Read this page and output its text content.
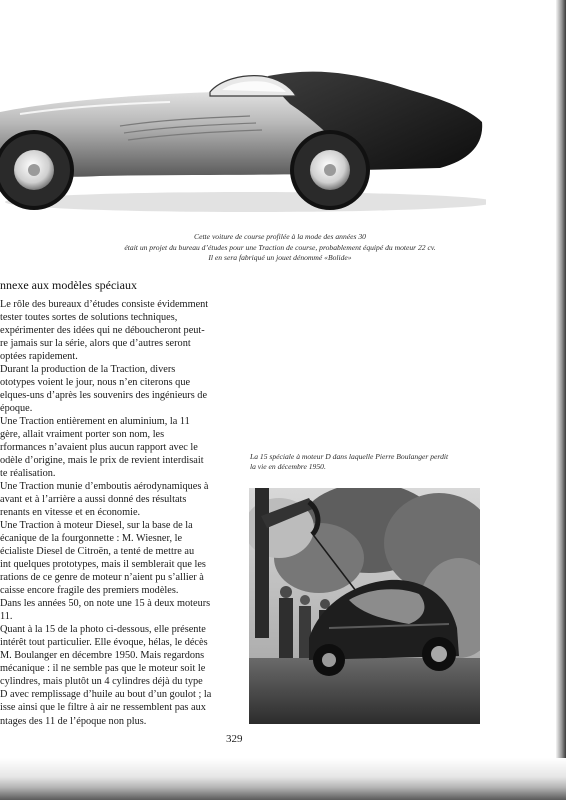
Cette voiture de course profilée à la mode des années 30
était un projet du bureau d’études pour une Traction de course, probablement équipé du moteur 22 cv.
Il en sera fabriqué un jouet dénommé «Bolide»
nnexe aux modèles spéciaux
Le rôle des bureaux d’études consiste évidemment
tester toutes sortes de solutions techniques,
expérimenter des idées qui ne déboucheront peut-
re jamais sur la série, alors que d’autres seront
optées rapidement.
Durant la production de la Traction, divers
ototypes voient le jour, nous n’en citerons que
elques-uns d’après les souvenirs des ingénieurs de
époque.
Une Traction entièrement en aluminium, la 11
gère, allait vraiment porter son nom, les
rformances n’avaient plus aucun rapport avec le
odèle d’origine, mais le prix de revient interdisait
te réalisation.
Une Traction munie d’emboutis aérodynamiques à
avant et à l’arrière a aussi donné des résultats
renants en vitesse et en économie.
Une Traction à moteur Diesel, sur la base de la
écanique de la fourgonnette : M. Wiesner, le
écialiste Diesel de Citroën, a tenté de mettre au
int quelques prototypes, mais il semblerait que les
rations de ce genre de moteur n’aient pu s’allier à
caisse encore fragile des premiers modèles.
Dans les années 50, on note une 15 à deux moteurs
11.
Quant à la 15 de la photo ci-dessous, elle présente
intérêt tout particulier. Elle évoque, hélas, le décès
M. Boulanger en décembre 1950. Mais regardons
mécanique : il ne semble pas que le moteur soit le
cylindres, mais plutôt un 4 cylindres déjà du type
D avec remplissage d’huile au bout d’un goulot ; la
isse ainsi que le filtre à air ne ressemblent pas aux
ntages des 11 de l’époque non plus.
La 15 spéciale à moteur D dans laquelle Pierre Boulanger perdit
la vie en décembre 1950.
329
